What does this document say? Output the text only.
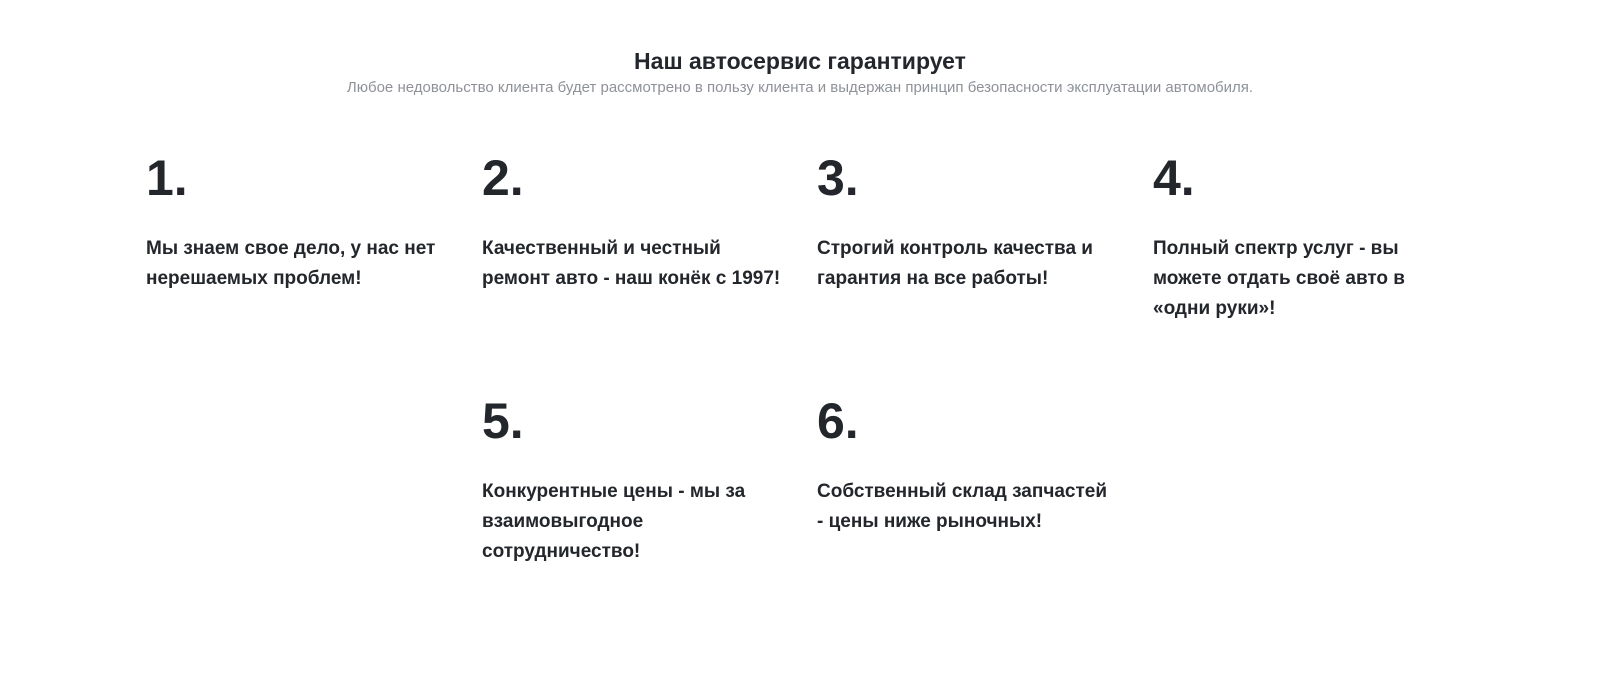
Наш автосервис гарантирует

Любое недовольство клиента будет рассмотрено в пользу клиента и выдержан принцип безопасности эксплуатации автомобиля.

1.
Мы знаем свое дело, у нас нет нерешаемых проблем!
2.
Качественный и честный ремонт авто - наш конёк с 1997!
3.
Строгий контроль качества и гарантия на все работы!
4.
Полный спектр услуг - вы можете отдать своё авто в «одни руки»!
5.
Конкурентные цены - мы за взаимовыгодное сотрудничество!
6.
Собственный склад запчастей - цены ниже рыночных!
